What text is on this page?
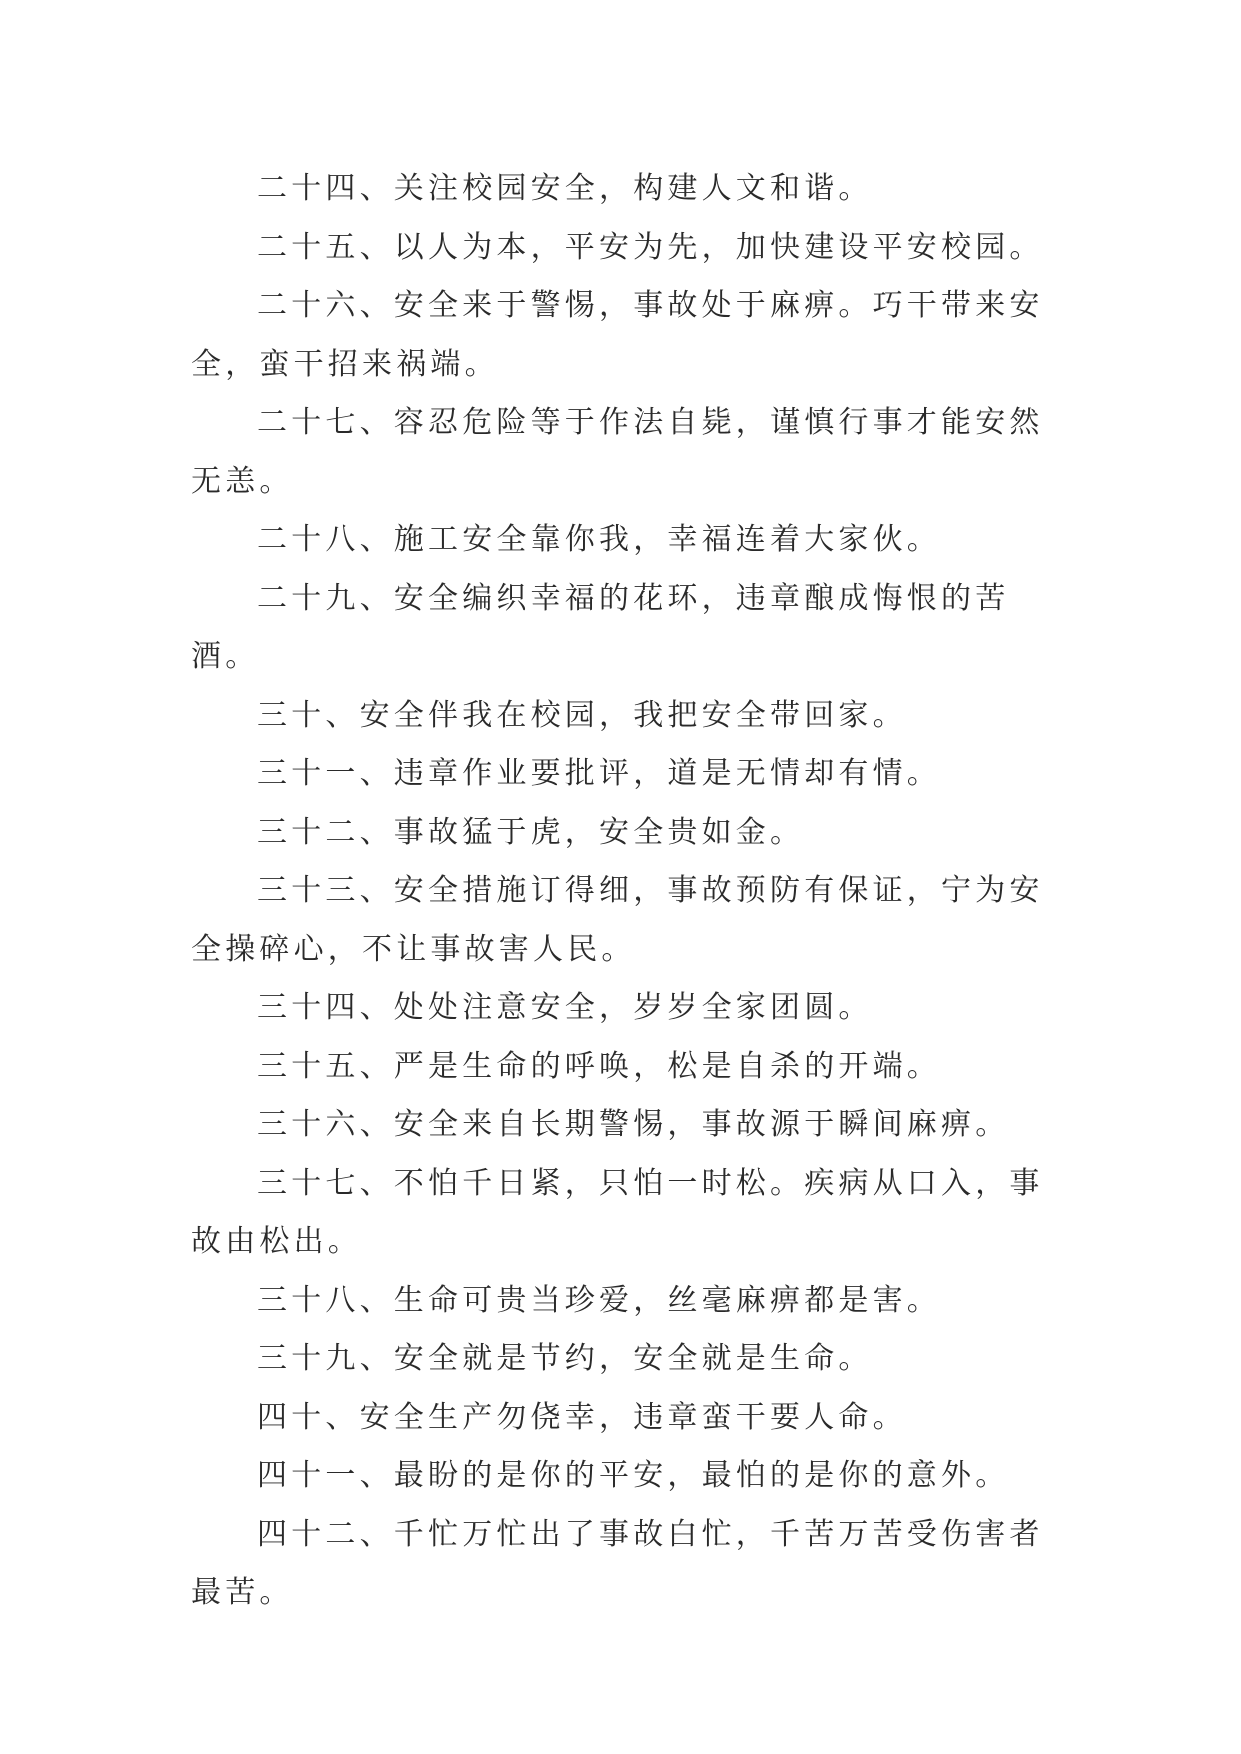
二十四、关注校园安全，构建人文和谐。

二十五、以人为本，平安为先，加快建设平安校园。

二十六、安全来于警惕，事故处于麻痹。巧干带来安全，蛮干招来祸端。

二十七、容忍危险等于作法自毙，谨慎行事才能安然无恙。

二十八、施工安全靠你我，幸福连着大家伙。

二十九、安全编织幸福的花环，违章酿成悔恨的苦酒。

三十、安全伴我在校园，我把安全带回家。

三十一、违章作业要批评，道是无情却有情。

三十二、事故猛于虎，安全贵如金。

三十三、安全措施订得细，事故预防有保证，宁为安全操碎心，不让事故害人民。

三十四、处处注意安全，岁岁全家团圆。

三十五、严是生命的呼唤，松是自杀的开端。

三十六、安全来自长期警惕，事故源于瞬间麻痹。

三十七、不怕千日紧，只怕一时松。疾病从口入，事故由松出。

三十八、生命可贵当珍爱，丝毫麻痹都是害。

三十九、安全就是节约，安全就是生命。

四十、安全生产勿侥幸，违章蛮干要人命。

四十一、最盼的是你的平安，最怕的是你的意外。

四十二、千忙万忙出了事故白忙，千苦万苦受伤害者最苦。
